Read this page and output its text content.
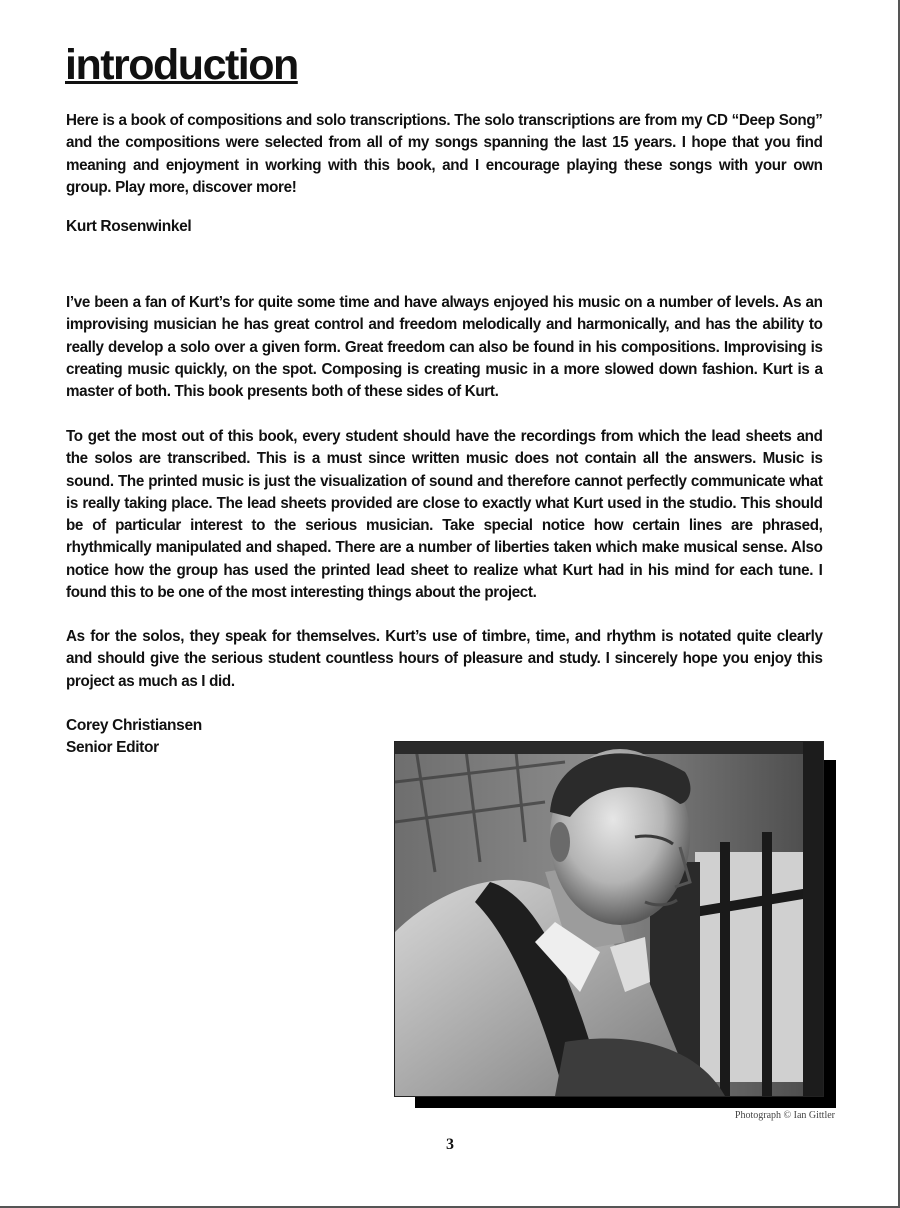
introduction

Here is a book of compositions and solo transcriptions. The solo transcriptions are from my CD “Deep Song” and the compositions were selected from all of my songs spanning the last 15 years. I hope that you find meaning and enjoyment in working with this book, and I encourage playing these songs with your own group. Play more, discover more!

Kurt Rosenwinkel

I’ve been a fan of Kurt’s for quite some time and have always enjoyed his music on a number of levels. As an improvising musician he has great control and freedom melodically and harmonically, and has the ability to really develop a solo over a given form. Great freedom can also be found in his compositions. Improvising is creating music quickly, on the spot. Composing is creating music in a more slowed down fashion. Kurt is a master of both. This book presents both of these sides of Kurt.

To get the most out of this book, every student should have the recordings from which the lead sheets and the solos are transcribed. This is a must since written music does not contain all the answers. Music is sound. The printed music is just the visualization of sound and therefore cannot perfectly communicate what is really taking place. The lead sheets provided are close to exactly what Kurt used in the studio. This should be of particular interest to the serious musician. Take special notice how certain lines are phrased, rhythmically manipulated and shaped. There are a number of liberties taken which make musical sense. Also notice how the group has used the printed lead sheet to realize what Kurt had in his mind for each tune. I found this to be one of the most interesting things about the project.

As for the solos, they speak for themselves. Kurt’s use of timbre, time, and rhythm is notated quite clearly and should give the serious student countless hours of pleasure and study. I sincerely hope you enjoy this project as much as I did.

Corey Christiansen

Senior Editor

Photograph © Ian Gittler
3
